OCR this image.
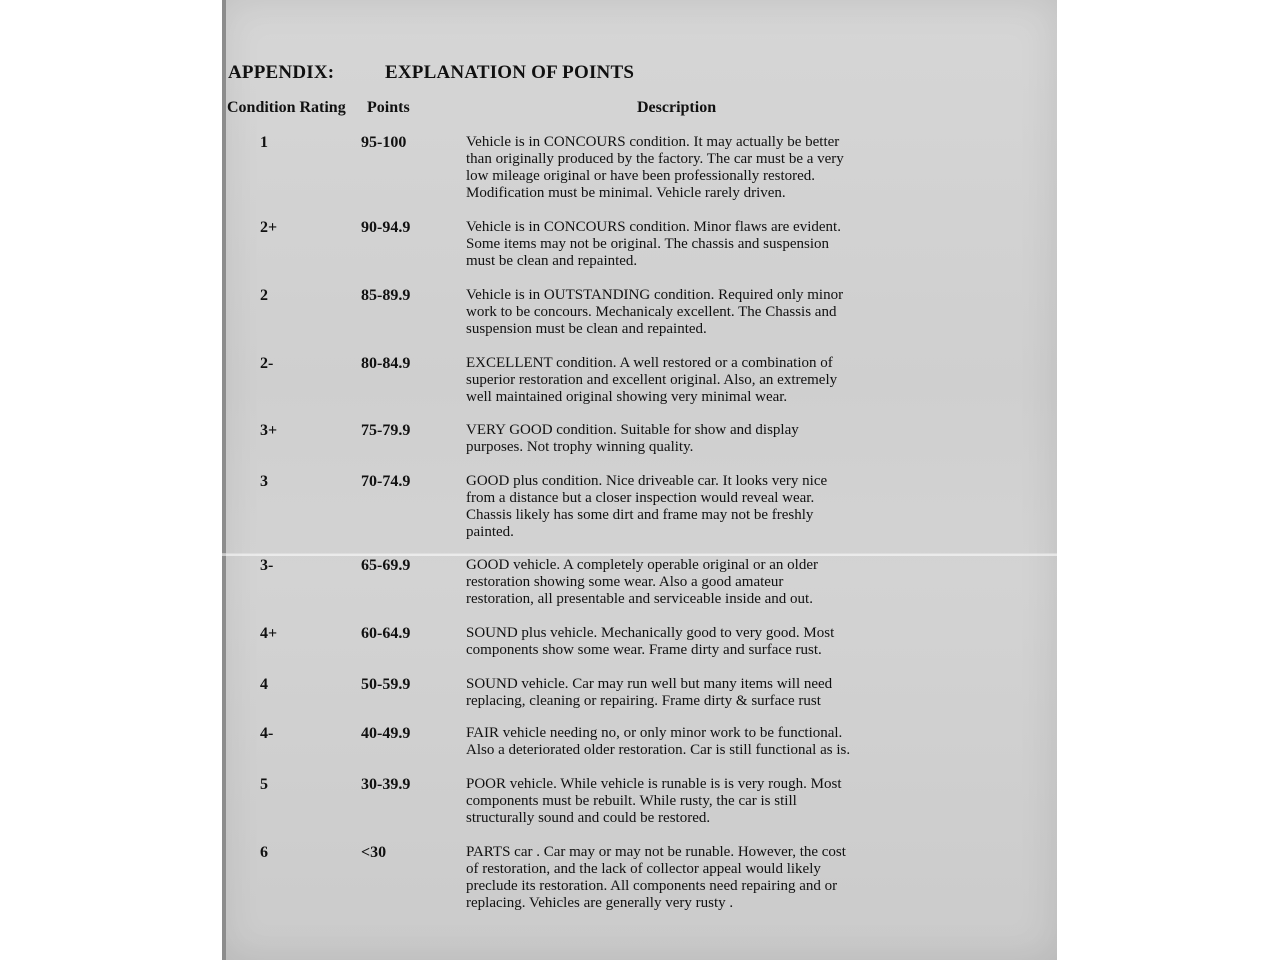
APPENDIX:	EXPLANATION OF POINTS
Condition Rating Points	Description
1	95-100	Vehicle is in CONCOURS condition. It may actually be better
than originally produced by the factory. The car must be a very
low mileage original or have been professionally restored.
Modification must be minimal. Vehicle rarely driven.
2+	90-94.9	Vehicle is in CONCOURS condition. Minor flaws are evident.
Some items may not be original. The chassis and suspension
must be clean and repainted.
2	85-89.9	Vehicle is in OUTSTANDING condition. Required only minor
work to be concours. Mechanicaly excellent. The Chassis and
suspension must be clean and repainted.
2-	80-84.9	EXCELLENT condition. A well restored or a combination of
superior restoration and excellent original. Also, an extremely
well maintained original showing very minimal wear.
3+	75-79.9	VERY GOOD condition. Suitable for show and display
purposes. Not trophy winning quality.
3	70-74.9	GOOD plus condition. Nice driveable car. It looks very nice
from a distance but a closer inspection would reveal wear.
Chassis likely has some dirt and frame may not be freshly
painted.
3-	65-69.9	GOOD vehicle. A completely operable original or an older
restoration showing some wear. Also a good amateur
restoration, all presentable and serviceable inside and out.
4+	60-64.9	SOUND plus vehicle. Mechanically good to very good. Most
components show some wear. Frame dirty and surface rust.
4	50-59.9	SOUND vehicle. Car may run well but many items will need
replacing, cleaning or repairing. Frame dirty & surface rust
4-	40-49.9	FAIR vehicle needing no, or only minor work to be functional.
Also a deteriorated older restoration. Car is still functional as is.
5	30-39.9	POOR vehicle. While vehicle is runable is is very rough. Most
components must be rebuilt. While rusty, the car is still
structurally sound and could be restored.
6	<30	PARTS car . Car may or may not be runable. However, the cost
of restoration, and the lack of collector appeal would likely
preclude its restoration. All components need repairing and or
replacing. Vehicles are generally very rusty .
